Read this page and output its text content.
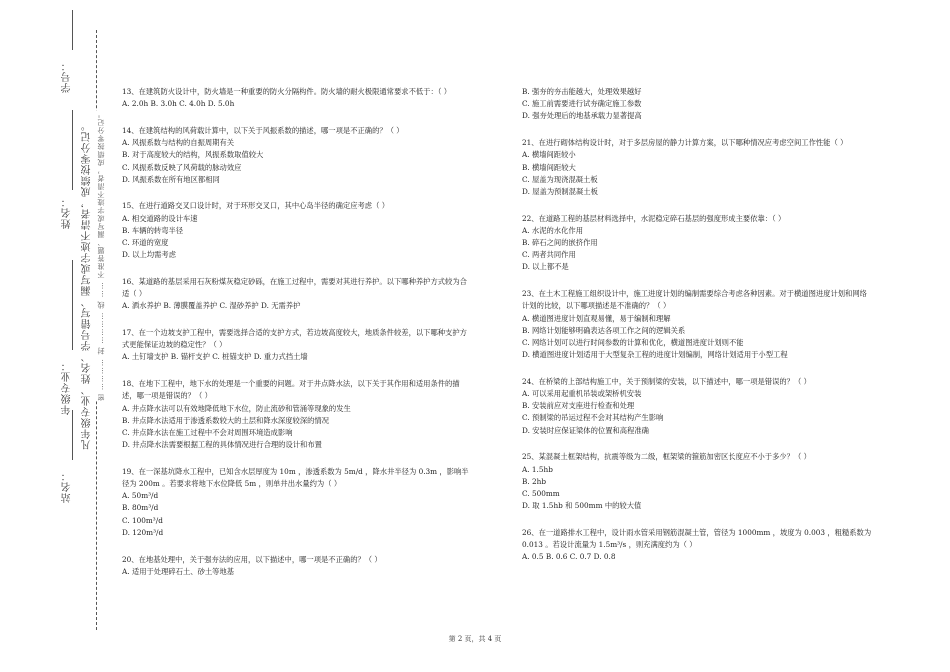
学号：
姓名：
年级专业：
站名：
凡年级专业、姓名、学号错写、漏写或字迹不清者，成绩按零分记。 密 ………… 封 ………… 线 …… 不准答题、漏写或字迹不清者，成绩按零分记。

13、在建筑防火设计中，防火墙是一种重要的防火分隔构件。防火墙的耐火极限通常要求不低于：（ ）

A. 2.0h B. 3.0h C. 4.0h D. 5.0h

14、在建筑结构的风荷载计算中，以下关于风振系数的描述，哪一项是不正确的？（ ）

A. 风振系数与结构的自振周期有关

B. 对于高度较大的结构，风振系数取值较大

C. 风振系数反映了风荷载的脉动效应

D. 风振系数在所有地区都相同

15、在进行道路交叉口设计时，对于环形交叉口，其中心岛半径的确定应考虑（ ）

A. 相交道路的设计车速

B. 车辆的转弯半径

C. 环道的宽度

D. 以上均需考虑

16、某道路的基层采用石灰粉煤灰稳定砂砾，在施工过程中，需要对其进行养护。以下哪种养护方式较为合适（ ）

A. 洒水养护 B. 薄膜覆盖养护 C. 湿砂养护 D. 无需养护

17、在一个边坡支护工程中，需要选择合适的支护方式，若边坡高度较大，地质条件较差，以下哪种支护方式更能保证边坡的稳定性？（ ）

A. 土钉墙支护 B. 锚杆支护 C. 桩锚支护 D. 重力式挡土墙

18、在地下工程中，地下水的处理是一个重要的问题。对于井点降水法，以下关于其作用和适用条件的描述，哪一项是错误的？（ ）

A. 井点降水法可以有效地降低地下水位，防止流砂和管涌等现象的发生

B. 井点降水法适用于渗透系数较大的土层和降水深度较深的情况

C. 井点降水法在施工过程中不会对周围环境造成影响

D. 井点降水法需要根据工程的具体情况进行合理的设计和布置

19、在一深基坑降水工程中，已知含水层厚度为 10m ，渗透系数为 5m/d ，降水井半径为 0.3m ，影响半径为 200m 。若要求将地下水位降低 5m ，则单井出水量约为（ ）

A. 50m³/d

B. 80m³/d

C. 100m³/d

D. 120m³/d

20、在地基处理中，关于强夯法的应用，以下描述中，哪一项是不正确的？（ ）

A. 适用于处理碎石土、砂土等地基

B. 强夯的夯击能越大，处理效果越好

C. 施工前需要进行试夯确定施工参数

D. 强夯处理后的地基承载力显著提高

21、在进行砌体结构设计时，对于多层房屋的静力计算方案，以下哪种情况应考虑空间工作性能（ ）

A. 横墙间距较小

B. 横墙间距较大

C. 屋盖为现浇混凝土板

D. 屋盖为预制混凝土板

22、在道路工程的基层材料选择中，水泥稳定碎石基层的强度形成主要依靠：（ ）

A. 水泥的水化作用

B. 碎石之间的嵌挤作用

C. 两者共同作用

D. 以上都不是

23、在土木工程施工组织设计中，施工进度计划的编制需要综合考虑各种因素。对于横道图进度计划和网络计划的比较，以下哪项描述是不准确的？（ ）

A. 横道图进度计划直观易懂，易于编制和理解

B. 网络计划能够明确表达各项工作之间的逻辑关系

C. 网络计划可以进行时间参数的计算和优化，横道图进度计划则不能

D. 横道图进度计划适用于大型复杂工程的进度计划编制，网络计划适用于小型工程

24、在桥梁的上部结构施工中，关于预制梁的安装，以下描述中，哪一项是错误的？（ ）

A. 可以采用起重机吊装或架桥机安装

B. 安装前应对支座进行检查和处理

C. 预制梁的吊运过程不会对其结构产生影响

D. 安装时应保证梁体的位置和高程准确

25、某混凝土框架结构，抗震等级为二级，框架梁的箍筋加密区长度应不小于多少？（ ）

A. 1.5hb

B. 2hb

C. 500mm

D. 取 1.5hb 和 500mm 中的较大值

26、在一道路排水工程中，设计雨水管采用钢筋混凝土管，管径为 1000mm ，坡度为 0.003 ，粗糙系数为 0.013 。若设计流量为 1.5m³/s ，则充满度约为（ ）

A. 0.5 B. 0.6 C. 0.7 D. 0.8

第 2 页，共 4 页
